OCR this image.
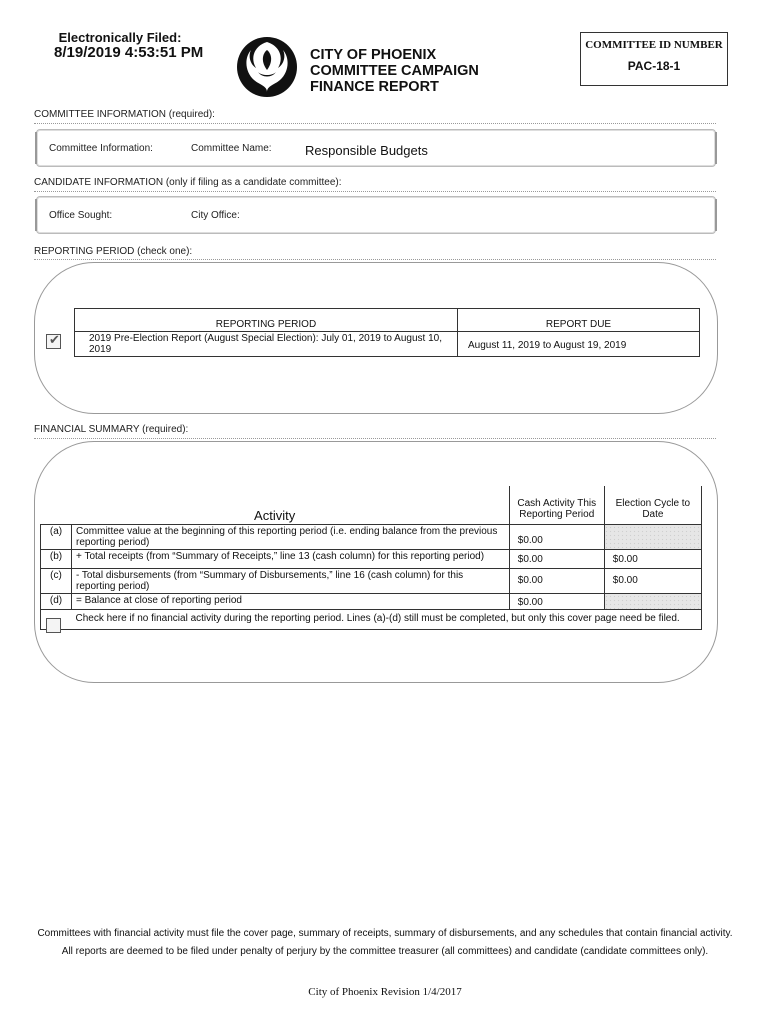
Electronically Filed:
8/19/2019 4:53:51 PM	CITY OF PHOENIX
COMMITTEE CAMPAIGN
FINANCE REPORT
COMMITTEE ID NUMBER
PAC-18-1
COMMITTEE INFORMATION (required):
Committee Information:	Committee Name:	Responsible Budgets
CANDIDATE INFORMATION (only if filing as a candidate committee):
Office Sought:	City Office:
REPORTING PERIOD (check one):
✔
REPORTING PERIOD	REPORT DUE
2019 Pre-Election Report (August Special Election): July 01, 2019 to August 10, 2019	August 11, 2019 to August 19, 2019
FINANCIAL SUMMARY (required):
Activity		Cash Activity This Reporting Period	Election Cycle to Date
(a)	Committee value at the beginning of this reporting period (i.e. ending balance from the previous reporting period)	$0.00	
(b)	+ Total receipts (from “Summary of Receipts,” line 13 (cash column) for this reporting period)	$0.00	$0.00
(c)	- Total disbursements (from “Summary of Disbursements,” line 16 (cash column) for this reporting period)	$0.00	$0.00
(d)	= Balance at close of reporting period	$0.00	
	Check here if no financial activity during the reporting period. Lines (a)-(d) still must be completed, but only this cover page need be filed.		
Committees with financial activity must file the cover page, summary of receipts, summary of disbursements, and any schedules that contain financial activity.
All reports are deemed to be filed under penalty of perjury by the committee treasurer (all committees) and candidate (candidate committees only).
City of Phoenix Revision 1/4/2017
